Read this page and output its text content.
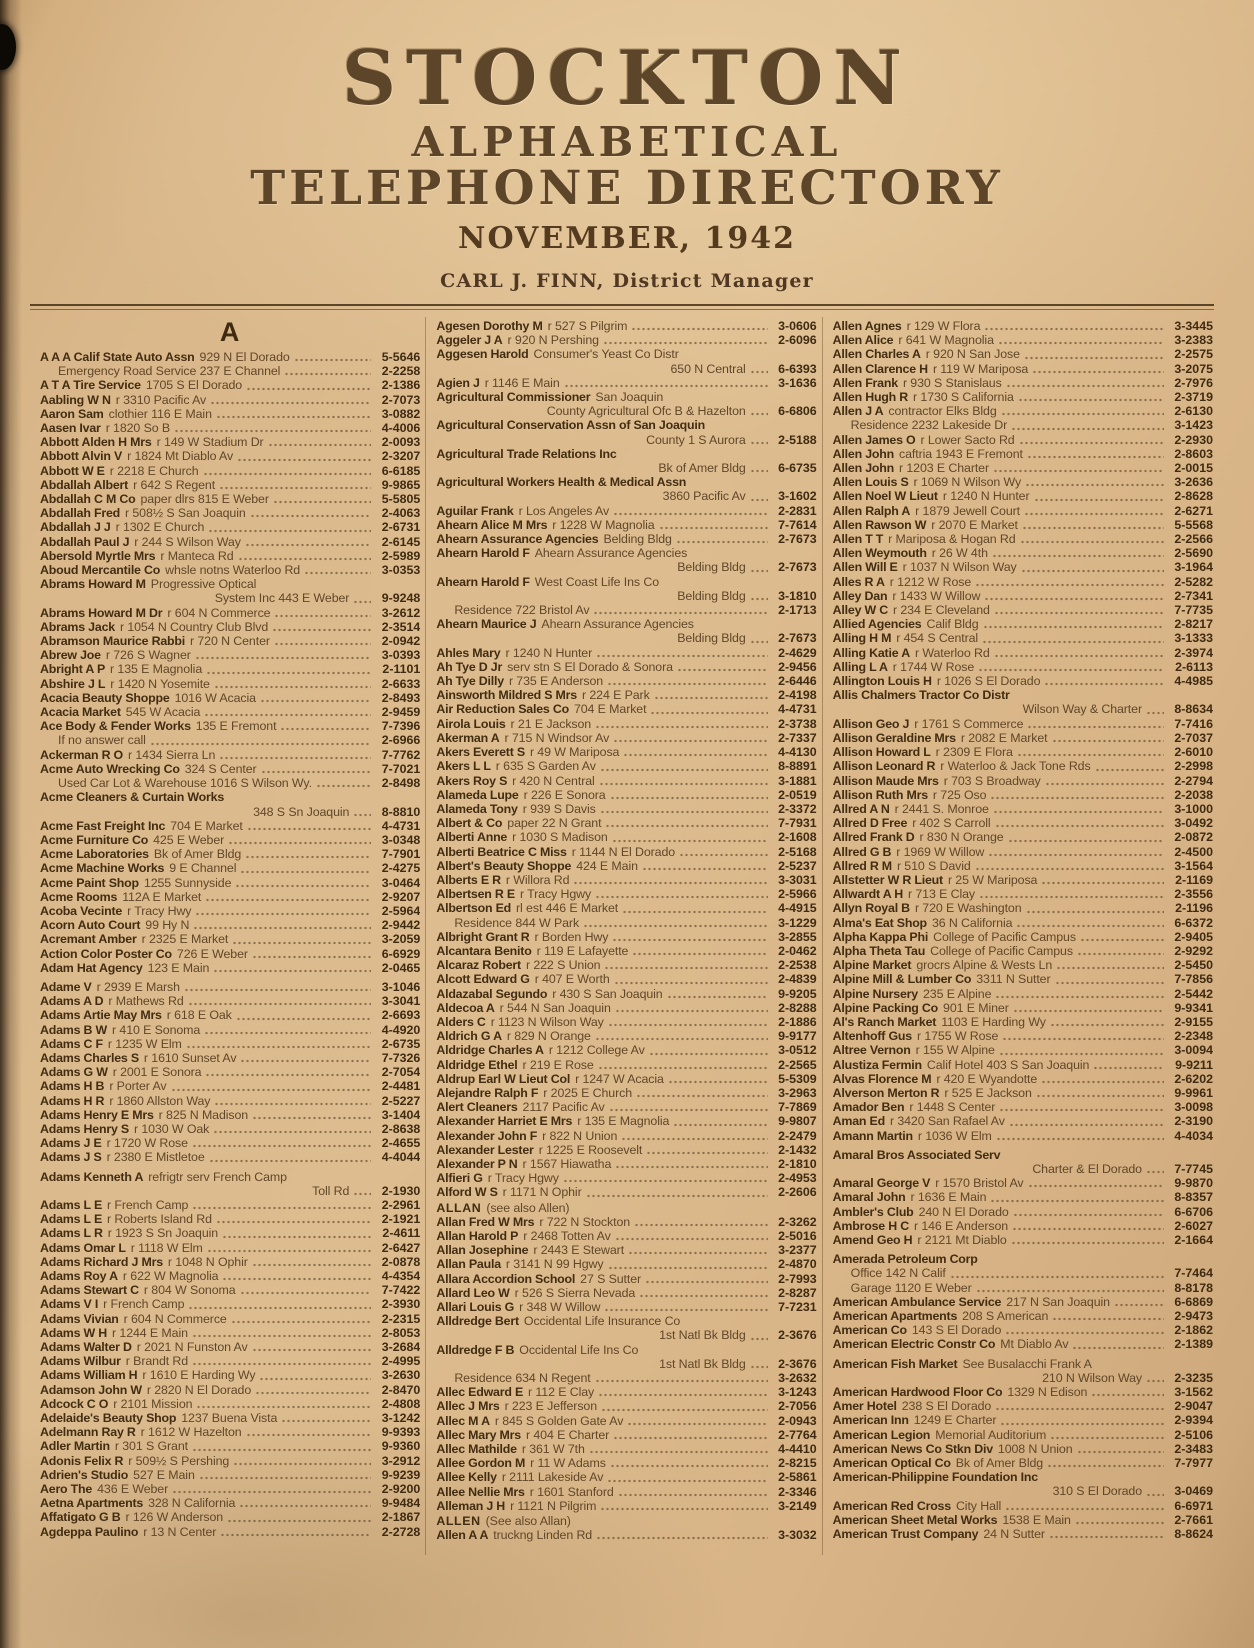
STOCKTON
ALPHABETICAL
TELEPHONE DIRECTORY
NOVEMBER, 1942
CARL J. FINN, District Manager
A
A A A Calif State Auto Assn 929 N El Dorado	5-5646
Emergency Road Service 237 E Channel	2-2258
A T A Tire Service 1705 S El Dorado	2-1386
Aabling W N r 3310 Pacific Av	2-7073
Aaron Sam clothier 116 E Main	3-0882
Aasen Ivar r 1820 So B	4-4006
Abbott Alden H Mrs r 149 W Stadium Dr	2-0093
Abbott Alvin V r 1824 Mt Diablo Av	2-3207
Abbott W E r 2218 E Church	6-6185
Abdallah Albert r 642 S Regent	9-9865
Abdallah C M Co paper dlrs 815 E Weber	5-5805
Abdallah Fred r 508½ S San Joaquin	2-4063
Abdallah J J r 1302 E Church	2-6731
Abdallah Paul J r 244 S Wilson Way	2-6145
Abersold Myrtle Mrs r Manteca Rd	2-5989
Aboud Mercantile Co whsle notns Waterloo Rd	3-0353
Abrams Howard M Progressive Optical
System Inc 443 E Weber	9-9248
Abrams Howard M Dr r 604 N Commerce	3-2612
Abrams Jack r 1054 N Country Club Blvd	2-3514
Abramson Maurice Rabbi r 720 N Center	2-0942
Abrew Joe r 726 S Wagner	3-0393
Abright A P r 135 E Magnolia	2-1101
Abshire J L r 1420 N Yosemite	2-6633
Acacia Beauty Shoppe 1016 W Acacia	2-8493
Acacia Market 545 W Acacia	2-9459
Ace Body & Fender Works 135 E Fremont	7-7396
If no answer call	2-6966
Ackerman R O r 1434 Sierra Ln	7-7762
Acme Auto Wrecking Co 324 S Center	7-7021
Used Car Lot & Warehouse 1016 S Wilson Wy.	2-8498
Acme Cleaners & Curtain Works
348 S Sn Joaquin	8-8810
Acme Fast Freight Inc 704 E Market	4-4731
Acme Furniture Co 425 E Weber	3-0348
Acme Laboratories Bk of Amer Bldg	7-7901
Acme Machine Works 9 E Channel	2-4275
Acme Paint Shop 1255 Sunnyside	3-0464
Acme Rooms 112A E Market	2-9207
Acoba Vecinte r Tracy Hwy	2-5964
Acorn Auto Court 99 Hy N	2-9442
Acremant Amber r 2325 E Market	3-2059
Action Color Poster Co 726 E Weber	6-6929
Adam Hat Agency 123 E Main	2-0465
Adame V r 2939 E Marsh	3-1046
Adams A D r Mathews Rd	3-3041
Adams Artie May Mrs r 618 E Oak	2-6693
Adams B W r 410 E Sonoma	4-4920
Adams C F r 1235 W Elm	2-6735
Adams Charles S r 1610 Sunset Av	7-7326
Adams G W r 2001 E Sonora	2-7054
Adams H B r Porter Av	2-4481
Adams H R r 1860 Allston Way	2-5227
Adams Henry E Mrs r 825 N Madison	3-1404
Adams Henry S r 1030 W Oak	2-8638
Adams J E r 1720 W Rose	2-4655
Adams J S r 2380 E Mistletoe	4-4044
Adams Kenneth A refrigtr serv French Camp
Toll Rd	2-1930
Adams L E r French Camp	2-2961
Adams L E r Roberts Island Rd	2-1921
Adams L R r 1923 S Sn Joaquin	2-4611
Adams Omar L r 1118 W Elm	2-6427
Adams Richard J Mrs r 1048 N Ophir	2-0878
Adams Roy A r 622 W Magnolia	4-4354
Adams Stewart C r 804 W Sonoma	7-7422
Adams V I r French Camp	2-3930
Adams Vivian r 604 N Commerce	2-2315
Adams W H r 1244 E Main	2-8053
Adams Walter D r 2021 N Funston Av	3-2684
Adams Wilbur r Brandt Rd	2-4995
Adams William H r 1610 E Harding Wy	3-2630
Adamson John W r 2820 N El Dorado	2-8470
Adcock C O r 2101 Mission	2-4808
Adelaide's Beauty Shop 1237 Buena Vista	3-1242
Adelmann Ray R r 1612 W Hazelton	9-9393
Adler Martin r 301 S Grant	9-9360
Adonis Felix R r 509½ S Pershing	3-2912
Adrien's Studio 527 E Main	9-9239
Aero The 436 E Weber	2-9200
Aetna Apartments 328 N California	9-9484
Affatigato G B r 126 W Anderson	2-1867
Agdeppa Paulino r 13 N Center	2-2728
Agesen Dorothy M r 527 S Pilgrim	3-0606
Aggeler J A r 920 N Pershing	2-6096
Aggesen Harold Consumer's Yeast Co Distr
650 N Central	6-6393
Agien J r 1146 E Main	3-1636
Agricultural Commissioner San Joaquin
County Agricultural Ofc B & Hazelton	6-6806
Agricultural Conservation Assn of San Joaquin
County 1 S Aurora	2-5188
Agricultural Trade Relations Inc
Bk of Amer Bldg	6-6735
Agricultural Workers Health & Medical Assn
3860 Pacific Av	3-1602
Aguilar Frank r Los Angeles Av	2-2831
Ahearn Alice M Mrs r 1228 W Magnolia	7-7614
Ahearn Assurance Agencies Belding Bldg	2-7673
Ahearn Harold F Ahearn Assurance Agencies
Belding Bldg	2-7673
Ahearn Harold F West Coast Life Ins Co
Belding Bldg	3-1810
Residence 722 Bristol Av	2-1713
Ahearn Maurice J Ahearn Assurance Agencies
Belding Bldg	2-7673
Ahles Mary r 1240 N Hunter	2-4629
Ah Tye D Jr serv stn S El Dorado & Sonora	2-9456
Ah Tye Dilly r 735 E Anderson	2-6446
Ainsworth Mildred S Mrs r 224 E Park	2-4198
Air Reduction Sales Co 704 E Market	4-4731
Airola Louis r 21 E Jackson	2-3738
Akerman A r 715 N Windsor Av	2-7337
Akers Everett S r 49 W Mariposa	4-4130
Akers L L r 635 S Garden Av	8-8891
Akers Roy S r 420 N Central	3-1881
Alameda Lupe r 226 E Sonora	2-0519
Alameda Tony r 939 S Davis	2-3372
Albert & Co paper 22 N Grant	7-7931
Alberti Anne r 1030 S Madison	2-1608
Alberti Beatrice C Miss r 1144 N El Dorado	2-5168
Albert's Beauty Shoppe 424 E Main	2-5237
Alberts E R r Willora Rd	3-3031
Albertsen R E r Tracy Hgwy	2-5966
Albertson Ed rl est 446 E Market	4-4915
Residence 844 W Park	3-1229
Albright Grant R r Borden Hwy	3-2855
Alcantara Benito r 119 E Lafayette	2-0462
Alcaraz Robert r 222 S Union	2-2538
Alcott Edward G r 407 E Worth	2-4839
Aldazabal Segundo r 430 S San Joaquin	9-9205
Aldecoa A r 544 N San Joaquin	2-8288
Alders C r 1123 N Wilson Way	2-1886
Aldrich G A r 829 N Orange	9-9177
Aldridge Charles A r 1212 College Av	3-0512
Aldridge Ethel r 219 E Rose	2-2565
Aldrup Earl W Lieut Col r 1247 W Acacia	5-5309
Alejandre Ralph F r 2025 E Church	3-2963
Alert Cleaners 2117 Pacific Av	7-7869
Alexander Harriet E Mrs r 135 E Magnolia	9-9807
Alexander John F r 822 N Union	2-2479
Alexander Lester r 1225 E Roosevelt	2-1432
Alexander P N r 1567 Hiawatha	2-1810
Alfieri G r Tracy Hgwy	2-4953
Alford W S r 1171 N Ophir	2-2606
ALLAN (see also Allen)
Allan Fred W Mrs r 722 N Stockton	2-3262
Allan Harold P r 2468 Totten Av	2-5016
Allan Josephine r 2443 E Stewart	3-2377
Allan Paula r 3141 N 99 Hgwy	2-4870
Allara Accordion School 27 S Sutter	2-7993
Allard Leo W r 526 S Sierra Nevada	2-8287
Allari Louis G r 348 W Willow	7-7231
Alldredge Bert Occidental Life Insurance Co
1st Natl Bk Bldg	2-3676
Alldredge F B Occidental Life Ins Co
1st Natl Bk Bldg	2-3676
Residence 634 N Regent	3-2632
Allec Edward E r 112 E Clay	3-1243
Allec J Mrs r 223 E Jefferson	2-7056
Allec M A r 845 S Golden Gate Av	2-0943
Allec Mary Mrs r 404 E Charter	2-7764
Allec Mathilde r 361 W 7th	4-4410
Allee Gordon M r 11 W Adams	2-8215
Allee Kelly r 2111 Lakeside Av	2-5861
Allee Nellie Mrs r 1601 Stanford	2-3346
Alleman J H r 1121 N Pilgrim	3-2149
ALLEN (See also Allan)
Allen A A truckng Linden Rd	3-3032
Allen Agnes r 129 W Flora	3-3445
Allen Alice r 641 W Magnolia	3-2383
Allen Charles A r 920 N San Jose	2-2575
Allen Clarence H r 119 W Mariposa	3-2075
Allen Frank r 930 S Stanislaus	2-7976
Allen Hugh R r 1730 S California	2-3719
Allen J A contractor Elks Bldg	2-6130
Residence 2232 Lakeside Dr	3-1423
Allen James O r Lower Sacto Rd	2-2930
Allen John caftria 1943 E Fremont	2-8603
Allen John r 1203 E Charter	2-0015
Allen Louis S r 1069 N Wilson Wy	3-2636
Allen Noel W Lieut r 1240 N Hunter	2-8628
Allen Ralph A r 1879 Jewell Court	2-6271
Allen Rawson W r 2070 E Market	5-5568
Allen T T r Mariposa & Hogan Rd	2-2566
Allen Weymouth r 26 W 4th	2-5690
Allen Will E r 1037 N Wilson Way	3-1964
Alles R A r 1212 W Rose	2-5282
Alley Dan r 1433 W Willow	2-7341
Alley W C r 234 E Cleveland	7-7735
Allied Agencies Calif Bldg	2-8217
Alling H M r 454 S Central	3-1333
Alling Katie A r Waterloo Rd	2-3974
Alling L A r 1744 W Rose	2-6113
Allington Louis H r 1026 S El Dorado	4-4985
Allis Chalmers Tractor Co Distr
Wilson Way & Charter	8-8634
Allison Geo J r 1761 S Commerce	7-7416
Allison Geraldine Mrs r 2082 E Market	2-7037
Allison Howard L r 2309 E Flora	2-6010
Allison Leonard R r Waterloo & Jack Tone Rds	2-2998
Allison Maude Mrs r 703 S Broadway	2-2794
Allison Ruth Mrs r 725 Oso	2-2038
Allred A N r 2441 S. Monroe	3-1000
Allred D Free r 402 S Carroll	3-0492
Allred Frank D r 830 N Orange	2-0872
Allred G B r 1969 W Willow	2-4500
Allred R M r 510 S David	3-1564
Allstetter W R Lieut r 25 W Mariposa	2-1169
Allwardt A H r 713 E Clay	2-3556
Allyn Royal B r 720 E Washington	2-1196
Alma's Eat Shop 36 N California	6-6372
Alpha Kappa Phi College of Pacific Campus	2-9405
Alpha Theta Tau College of Pacific Campus	2-9292
Alpine Market grocrs Alpine & Wests Ln	2-5450
Alpine Mill & Lumber Co 3311 N Sutter	7-7856
Alpine Nursery 235 E Alpine	2-5442
Alpine Packing Co 901 E Miner	9-9341
Al's Ranch Market 1103 E Harding Wy	2-9155
Altenhoff Gus r 1755 W Rose	2-2348
Altree Vernon r 155 W Alpine	3-0094
Alustiza Fermin Calif Hotel 403 S San Joaquin	9-9211
Alvas Florence M r 420 E Wyandotte	2-6202
Alverson Merton R r 525 E Jackson	9-9961
Amador Ben r 1448 S Center	3-0098
Aman Ed r 3420 San Rafael Av	2-3190
Amann Martin r 1036 W Elm	4-4034
Amaral Bros Associated Serv
Charter & El Dorado	7-7745
Amaral George V r 1570 Bristol Av	9-9870
Amaral John r 1636 E Main	8-8357
Ambler's Club 240 N El Dorado	6-6706
Ambrose H C r 146 E Anderson	2-6027
Amend Geo H r 2121 Mt Diablo	2-1664
Amerada Petroleum Corp
Office 142 N Calif	7-7464
Garage 1120 E Weber	8-8178
American Ambulance Service 217 N San Joaquin	6-6869
American Apartments 208 S American	2-9473
American Co 143 S El Dorado	2-1862
American Electric Constr Co Mt Diablo Av	2-1389
American Fish Market See Busalacchi Frank A
210 N Wilson Way	2-3235
American Hardwood Floor Co 1329 N Edison	3-1562
Amer Hotel 238 S El Dorado	2-9047
American Inn 1249 E Charter	2-9394
American Legion Memorial Auditorium	2-5106
American News Co Stkn Div 1008 N Union	2-3483
American Optical Co Bk of Amer Bldg	7-7977
American-Philippine Foundation Inc
310 S El Dorado	3-0469
American Red Cross City Hall	6-6971
American Sheet Metal Works 1538 E Main	2-7661
American Trust Company 24 N Sutter	8-8624
